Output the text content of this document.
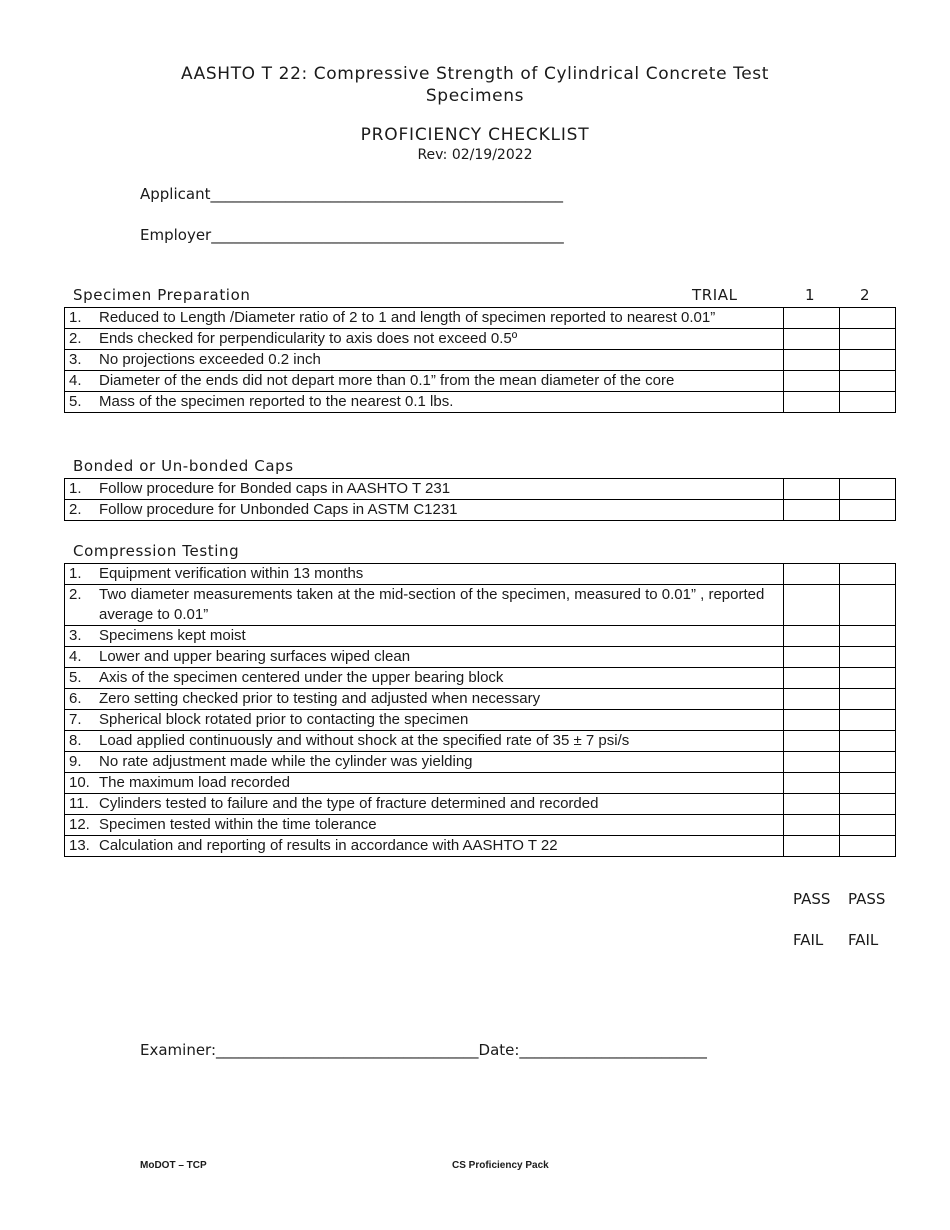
AASHTO T 22: Compressive Strength of Cylindrical Concrete Test
Specimens
PROFICIENCY CHECKLIST
Rev: 02/19/2022
Applicant_______________________________________________
Employer_______________________________________________
Specimen Preparation	TRIAL	1	2
1. Reduced to Length /Diameter ratio of 2 to 1 and length of specimen reported to nearest 0.01”		

2. Ends checked for perpendicularity to axis does not exceed 0.5º		

3. No projections exceeded 0.2 inch		

4. Diameter of the ends did not depart more than 0.1” from the mean diameter of the core		

5. Mass of the specimen reported to the nearest 0.1 lbs.		

Bonded or Un-bonded Caps
1. Follow procedure for Bonded caps in AASHTO T 231		

2. Follow procedure for Unbonded Caps in ASTM C1231		

Compression Testing
1. Equipment verification within 13 months		

2. Two diameter measurements taken at the mid-section of the specimen, measured to 0.01” , reported average to 0.01”		

3. Specimens kept moist		

4. Lower and upper bearing surfaces wiped clean		

5. Axis of the specimen centered under the upper bearing block		

6. Zero setting checked prior to testing and adjusted when necessary		

7. Spherical block rotated prior to contacting the specimen		

8. Load applied continuously and without shock at the specified rate of 35 ± 7 psi/s		

9. No rate adjustment made while the cylinder was yielding		

10. The maximum load recorded		

11. Cylinders tested to failure and the type of fracture determined and recorded		

12. Specimen tested within the time tolerance		

13. Calculation and reporting of results in accordance with AASHTO T 22		

PASS PASS
FAIL FAIL
Examiner:___________________________________Date:_________________________
MoDOT – TCP	CS Proficiency Pack
